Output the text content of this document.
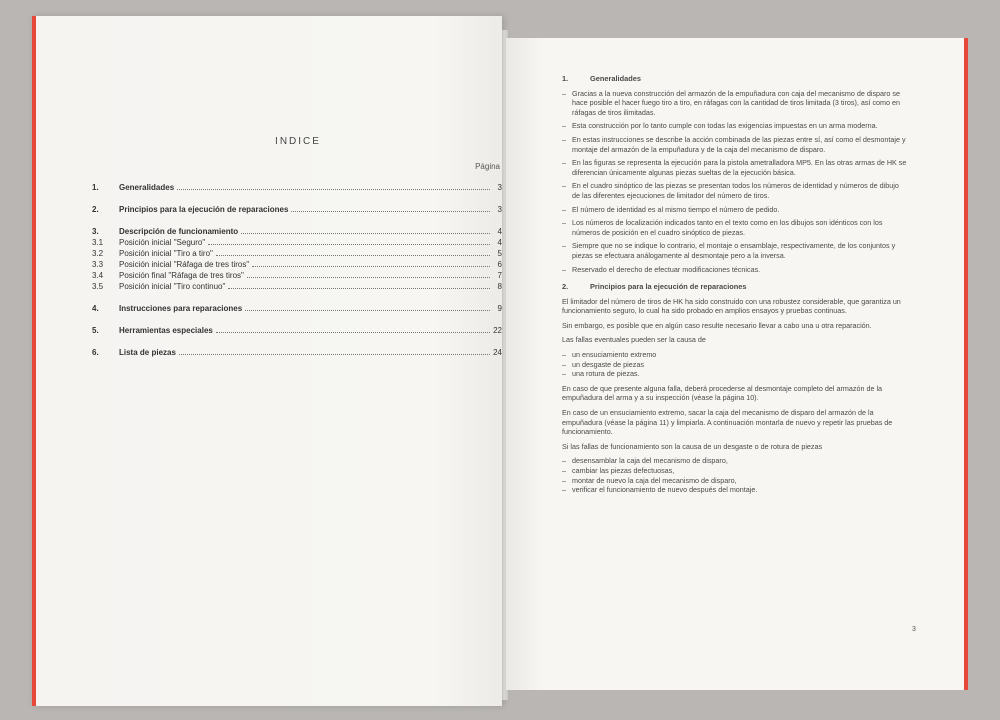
INDICE
Página
1.	Generalidades	3
2.	Principios para la ejecución de reparaciones	3
3.	Descripción de funcionamiento	4
3.1	Posición inicial "Seguro"	4
3.2	Posición inicial "Tiro a tiro"	5
3.3	Posición inicial "Ráfaga de tres tiros"	6
3.4	Posición final "Ráfaga de tres tiros"	7
3.5	Posición inicial "Tiro continuo"	8
4.	Instrucciones para reparaciones	9
5.	Herramientas especiales	22
6.	Lista de piezas	24
1.	Generalidades
– Gracias a la nueva construcción del armazón de la empuñadura con caja del mecanismo de disparo se hace posible el hacer fuego tiro a tiro, en ráfagas con la cantidad de tiros limitada (3 tiros), así como en ráfagas de tiros ilimitadas.
– Esta construcción por lo tanto cumple con todas las exigencias impuestas en un arma moderna.
– En estas instrucciones se describe la acción combinada de las piezas entre sí, así como el desmontaje y montaje del armazón de la empuñadura y de la caja del mecanismo de disparo.
– En las figuras se representa la ejecución para la pistola ametralladora MP5. En las otras armas de HK se diferencian únicamente algunas piezas sueltas de la ejecución básica.
– En el cuadro sinóptico de las piezas se presentan todos los números de identidad y números de dibujo de las diferentes ejecuciones de limitador del número de tiros.
– El número de identidad es al mismo tiempo el número de pedido.
– Los números de localización indicados tanto en el texto como en los dibujos son idénticos con los números de posición en el cuadro sinóptico de piezas.
– Siempre que no se indique lo contrario, el montaje o ensamblaje, respectivamente, de los conjuntos y piezas se efectuara análogamente al desmontaje pero a la inversa.
– Reservado el derecho de efectuar modificaciones técnicas.
2.	Principios para la ejecución de reparaciones

El limitador del número de tiros de HK ha sido construido con una robustez considerable, que garantiza un funcionamiento seguro, lo cual ha sido probado en amplios ensayos y pruebas continuas.

Sin embargo, es posible que en algún caso resulte necesario llevar a cabo una u otra reparación.

Las fallas eventuales pueden ser la causa de

– un ensuciamiento extremo
– un desgaste de piezas
– una rotura de piezas.

En caso de que presente alguna falla, deberá procederse al desmontaje completo del armazón de la empuñadura del arma y a su inspección (véase la página 10).

En caso de un ensuciamiento extremo, sacar la caja del mecanismo de disparo del armazón de la empuñadura (véase la página 11) y limpiarla. A continuación montarla de nuevo y repetir las pruebas de funcionamiento.

Si las fallas de funcionamiento son la causa de un desgaste o de rotura de piezas

– desensamblar la caja del mecanismo de disparo,
– cambiar las piezas defectuosas,
– montar de nuevo la caja del mecanismo de disparo,
– verificar el funcionamiento de nuevo después del montaje.
3
